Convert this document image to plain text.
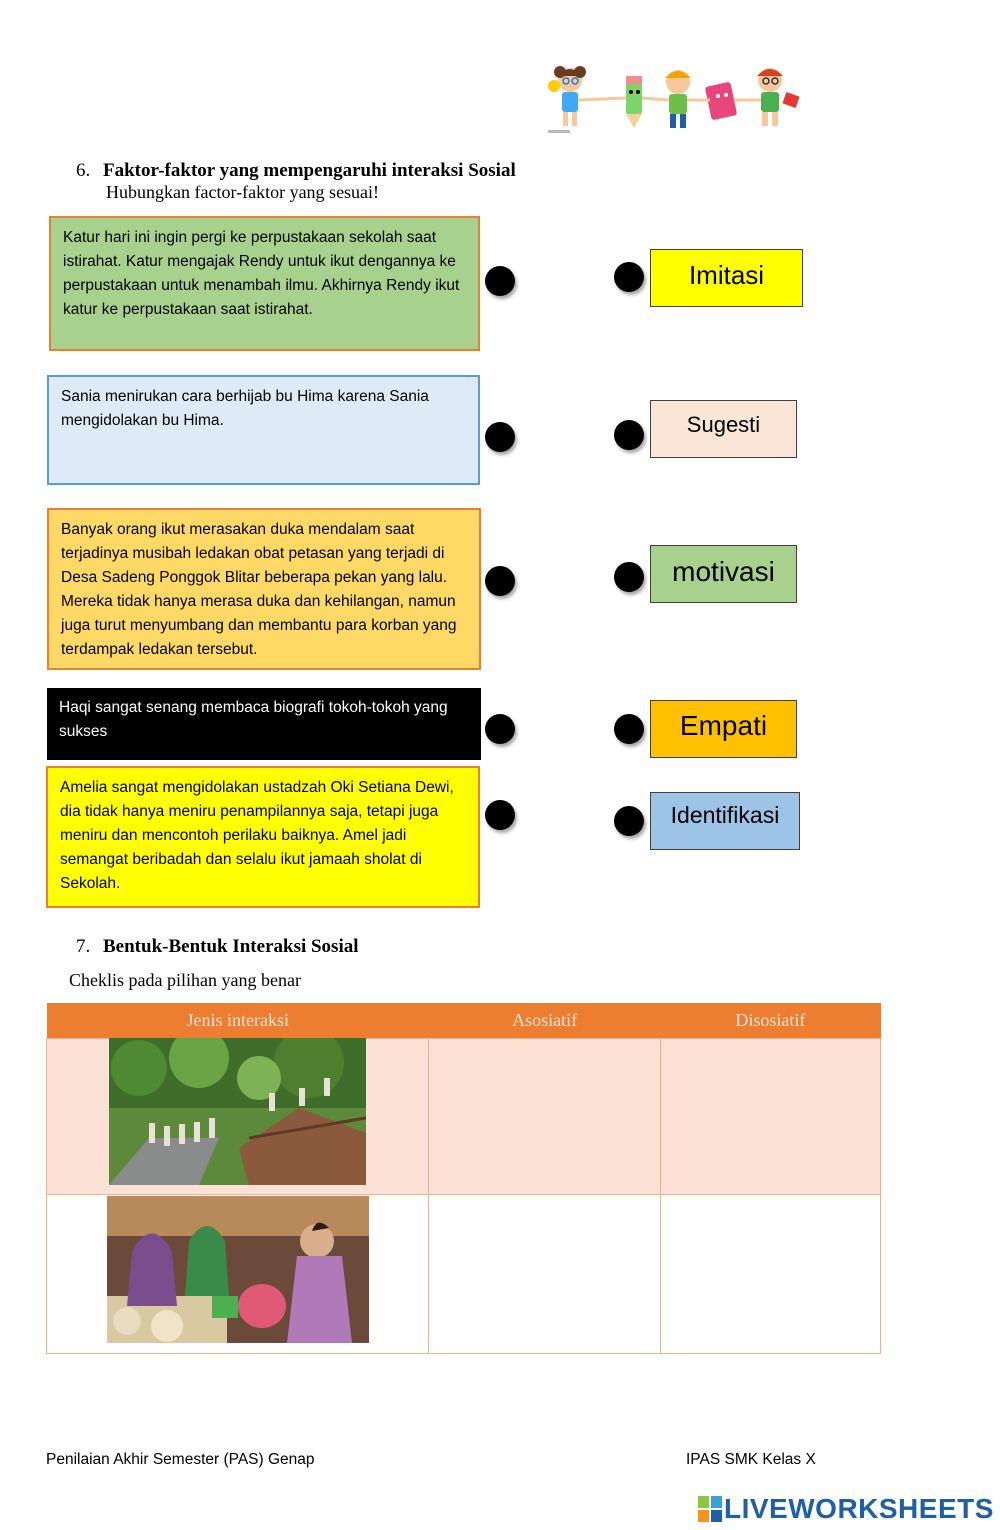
6. Faktor-faktor yang mempengaruhi interaksi Sosial
Hubungkan factor-faktor yang sesuai!
Katur hari ini ingin pergi ke perpustakaan sekolah saat istirahat. Katur mengajak Rendy untuk ikut dengannya ke perpustakaan untuk menambah ilmu. Akhirnya Rendy ikut katur ke perpustakaan saat istirahat.
Sania menirukan cara berhijab bu Hima karena Sania mengidolakan bu Hima.
Banyak orang ikut merasakan duka mendalam saat terjadinya musibah ledakan obat petasan yang terjadi di Desa Sadeng Ponggok Blitar beberapa pekan yang lalu. Mereka tidak hanya merasa duka dan kehilangan, namun juga turut menyumbang dan membantu para korban yang terdampak ledakan tersebut.
Haqi sangat senang membaca biografi tokoh-tokoh yang sukses
Amelia sangat mengidolakan ustadzah Oki Setiana Dewi, dia tidak hanya meniru penampilannya saja, tetapi juga meniru dan mencontoh perilaku baiknya. Amel jadi semangat beribadah dan selalu ikut jamaah sholat di Sekolah.
Imitasi
Sugesti
motivasi
Empati
Identifikasi
7. Bentuk-Bentuk Interaksi Sosial
Cheklis pada pilihan yang benar
Jenis interaksi	Asosiatif	Disosiatif

Penilaian Akhir Semester (PAS) Genap	IPAS SMK Kelas X
LIVEWORKSHEETS
